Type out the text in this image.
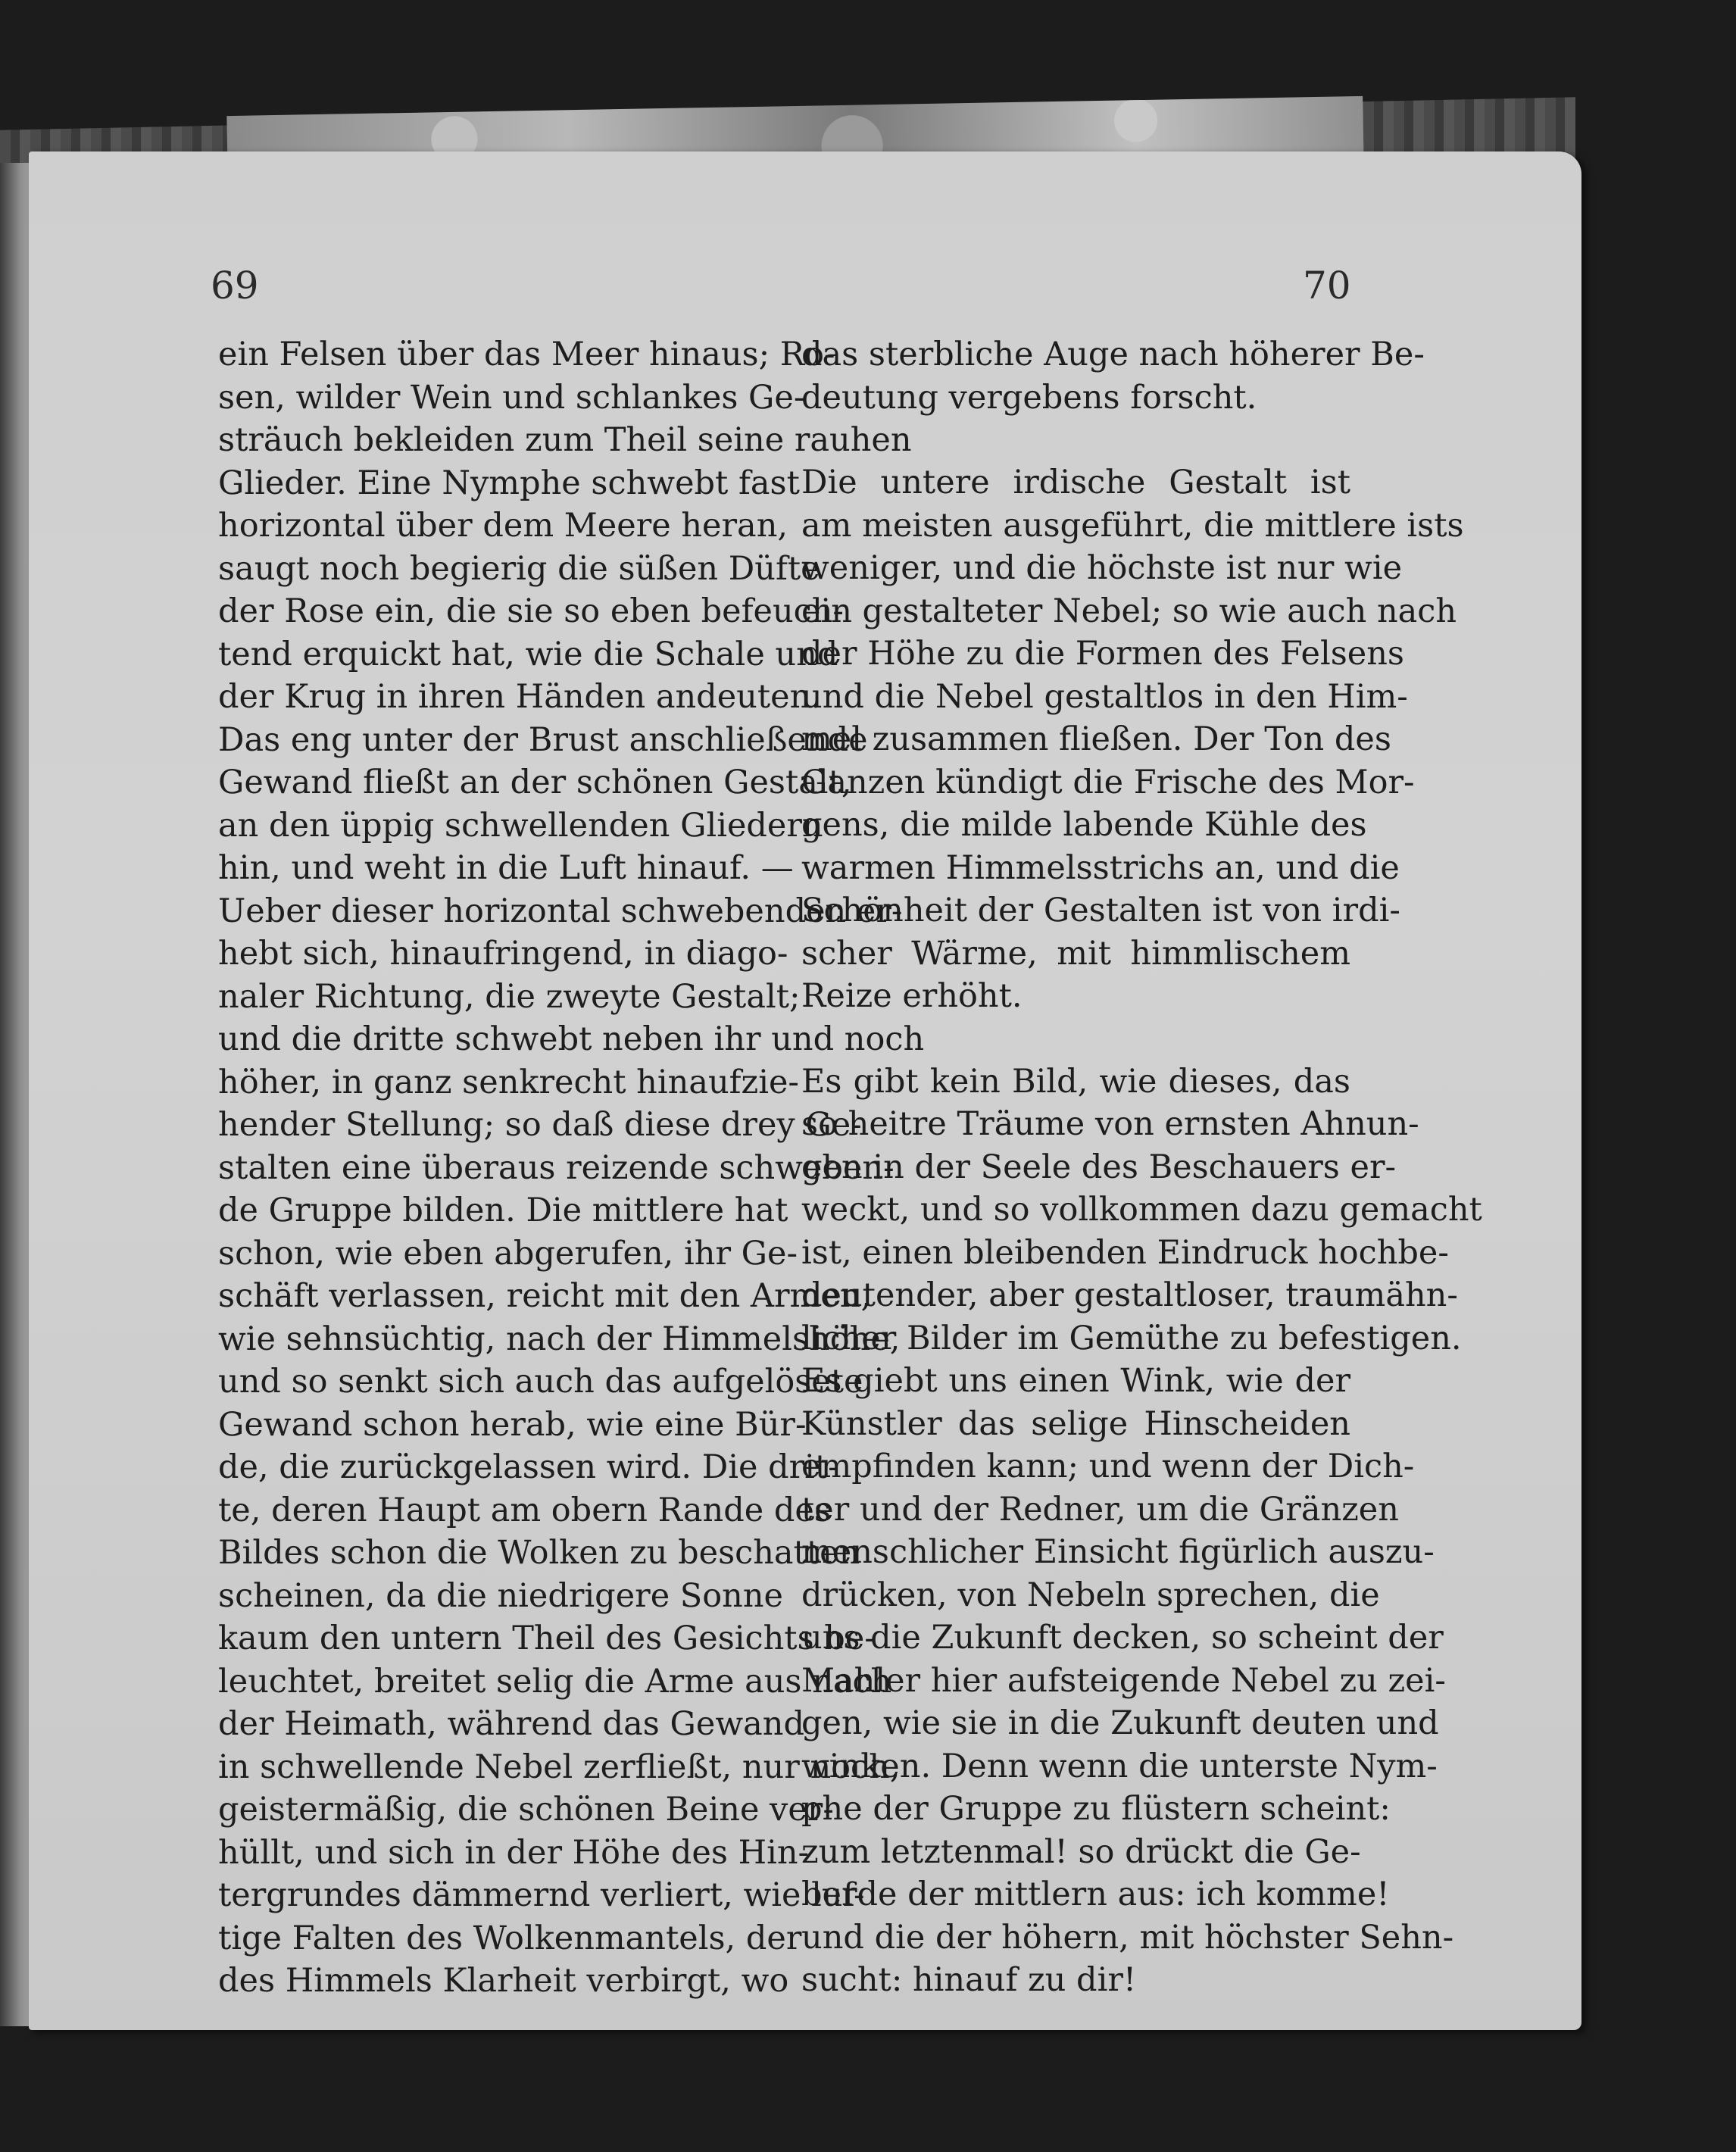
69	70
ein Felsen über das Meer hinaus; Ro-
sen, wilder Wein und schlankes Ge-
sträuch bekleiden zum Theil seine rauhen
Glieder. Eine Nymphe schwebt fast
horizontal über dem Meere heran,
saugt noch begierig die süßen Düfte
der Rose ein, die sie so eben befeuch-
tend erquickt hat, wie die Schale und
der Krug in ihren Händen andeuten.
Das eng unter der Brust anschließende
Gewand fließt an der schönen Gestalt,
an den üppig schwellenden Gliedern
hin, und weht in die Luft hinauf. —
Ueber dieser horizontal schwebenden er-
hebt sich, hinaufringend, in diago-
naler Richtung, die zweyte Gestalt;
und die dritte schwebt neben ihr und noch
höher, in ganz senkrecht hinaufzie-
hender Stellung; so daß diese drey Ge-
stalten eine überaus reizende schweben-
de Gruppe bilden. Die mittlere hat
schon, wie eben abgerufen, ihr Ge-
schäft verlassen, reicht mit den Armen,
wie sehnsüchtig, nach der Himmelshöhe,
und so senkt sich auch das aufgelösete
Gewand schon herab, wie eine Bür-
de, die zurückgelassen wird. Die drit-
te, deren Haupt am obern Rande des
Bildes schon die Wolken zu beschatten
scheinen, da die niedrigere Sonne
kaum den untern Theil des Gesichts be-
leuchtet, breitet selig die Arme aus nach
der Heimath, während das Gewand
in schwellende Nebel zerfließt, nur noch,
geistermäßig, die schönen Beine ver-
hüllt, und sich in der Höhe des Hin-
tergrundes dämmernd verliert, wie luf-
tige Falten des Wolkenmantels, der
des Himmels Klarheit verbirgt, wo
das sterbliche Auge nach höherer Be-
deutung vergebens forscht.
Die untere irdische Gestalt ist
am meisten ausgeführt, die mittlere ists
weniger, und die höchste ist nur wie
ein gestalteter Nebel; so wie auch nach
der Höhe zu die Formen des Felsens
und die Nebel gestaltlos in den Him-
mel zusammen fließen. Der Ton des
Ganzen kündigt die Frische des Mor-
gens, die milde labende Kühle des
warmen Himmelsstrichs an, und die
Schönheit der Gestalten ist von irdi-
scher Wärme, mit himmlischem
Reize erhöht.
Es gibt kein Bild, wie dieses, das
so heitre Träume von ernsten Ahnun-
gen in der Seele des Beschauers er-
weckt, und so vollkommen dazu gemacht
ist, einen bleibenden Eindruck hochbe-
deutender, aber gestaltloser, traumähn-
licher Bilder im Gemüthe zu befestigen.
Es giebt uns einen Wink, wie der
Künstler das selige Hinscheiden
empfinden kann; und wenn der Dich-
ter und der Redner, um die Gränzen
menschlicher Einsicht figürlich auszu-
drücken, von Nebeln sprechen, die
uns die Zukunft decken, so scheint der
Mahler hier aufsteigende Nebel zu zei-
gen, wie sie in die Zukunft deuten und
winken. Denn wenn die unterste Nym-
phe der Gruppe zu flüstern scheint:
zum letztenmal! so drückt die Ge-
berde der mittlern aus: ich komme!
und die der höhern, mit höchster Sehn-
sucht: hinauf zu dir!
